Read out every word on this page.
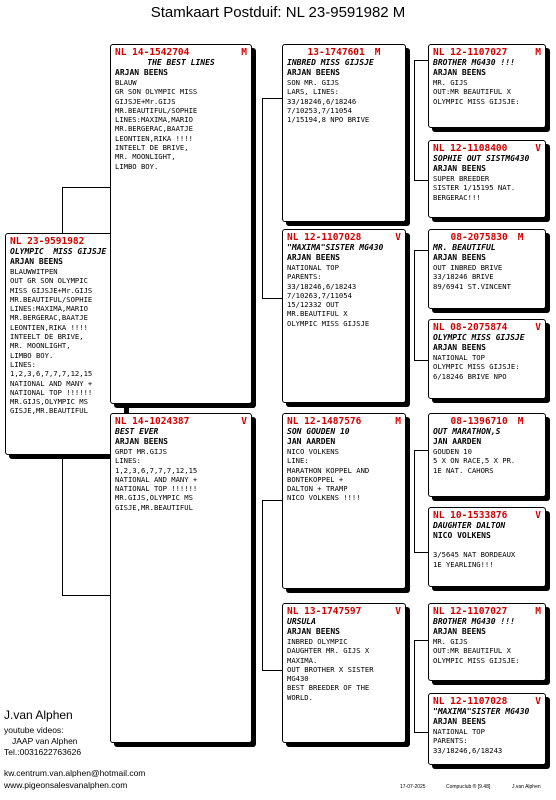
Stamkaart Postduif: NL 23-9591982 M
NL 23-9591982
OLYMPIC  MISS GIJSJE
ARJAN BEENS
BLAUWWITPEN
OUT GR SON OLYMPIC
MISS GIJSJE+Mr.GIJS
MR.BEAUTIFUL/SOPHIE
LINES:MAXIMA,MARIO
MR.BERGERAC,BAATJE
LEONTIEN,RIKA !!!!
INTEELT DE BRIVE,
MR. MOONLIGHT,
LIMBO BOY.
LINES:
1,2,3,6,7,7,7,12,15
NATIONAL AND MANY +
NATIONAL TOP !!!!!!
MR.GIJS,OLYMPIC MS
GISJE,MR.BEAUTIFUL
NL 14-1542704	M
THE BEST LINES
ARJAN BEENS
BLAUW
GR SON OLYMPIC MISS
GIJSJE+Mr.GIJS
MR.BEAUTIFUL/SOPHIE
LINES:MAXIMA,MARIO
MR.BERGERAC,BAATJE
LEONTIEN,RIKA !!!!
INTEELT DE BRIVE,
MR. MOONLIGHT,
LIMBO BOY.
NL 14-1024387	V
BEST EVER
ARJAN BEENS
GRDT MR.GIJS
LINES:
1,2,3,6,7,7,7,12,15
NATIONAL AND MANY +
NATIONAL TOP !!!!!!
MR.GIJS,OLYMPIC MS
GISJE,MR.BEAUTIFUL
13-1747601 M
INBRED MISS GIJSJE
ARJAN BEENS
SON MR. GIJS
LARS, LINES:
33/18246,6/18246
7/10253,7/11054
1/15194,8 NPO BRIVE
NL 12-1107028	V
"MAXIMA"SISTER MG430
ARJAN BEENS
NATIONAL TOP
PARENTS:
33/18246,6/18243
7/10263,7/11054
15/12332 OUT
MR.BEAUTIFUL X
OLYMPIC MISS GIJSJE
NL 12-1487576	M
SON GOUDEN 10
JAN AARDEN
NICO VOLKENS
LINE:
MARATHON KOPPEL AND
BONTEKOPPEL +
DALTON + TRAMP
NICO VOLKENS !!!!
NL 13-1747597	V
URSULA
ARJAN BEENS
INBRED OLYMPIC
DAUGHTER MR. GIJS X
MAXIMA.
OUT BROTHER X SISTER
MG430
BEST BREEDER OF THE
WORLD.
NL 12-1107027	M
BROTHER MG430 !!!
ARJAN BEENS
MR. GIJS
OUT:MR BEAUTIFUL X
OLYMPIC MISS GIJSJE:
NL 12-1108400	V
SOPHIE OUT SISTMG430
ARJAN BEENS
SUPER BREEDER
SISTER 1/15195 NAT.
BERGERAC!!!
08-2075830 M
MR. BEAUTIFUL
ARJAN BEENS
OUT INBRED BRIVE
33/18246 BRIVE
89/6941 ST.VINCENT
NL 08-2075874	V
OLYMPIC MISS GIJSJE
ARJAN BEENS
NATIONAL TOP
OLYMPIC MISS GIJSJE:
6/18246 BRIVE NPO
08-1396710 M
OUT MARATHON,S
JAN AARDEN
GOUDEN 10
5 X ON RACE,5 X PR.
1E NAT. CAHORS
NL 10-1533876	V
DAUGHTER DALTON
NICO VOLKENS

3/5645 NAT BORDEAUX
1E YEARLING!!!
NL 12-1107027	M
BROTHER MG430 !!!
ARJAN BEENS
MR. GIJS
OUT:MR BEAUTIFUL X
OLYMPIC MISS GIJSJE:
NL 12-1107028	V
"MAXIMA"SISTER MG430
ARJAN BEENS
NATIONAL TOP
PARENTS:
33/18246,6/18243
J.van Alphen
youtube videos:
JAAP van Alphen
Tel.:0031622763626
kw.centrum.van.alphen@hotmail.com
www.pigeonsalesvanalphen.com	17-07-2025	Compuclub ® [9.48]	J.van Alphen
